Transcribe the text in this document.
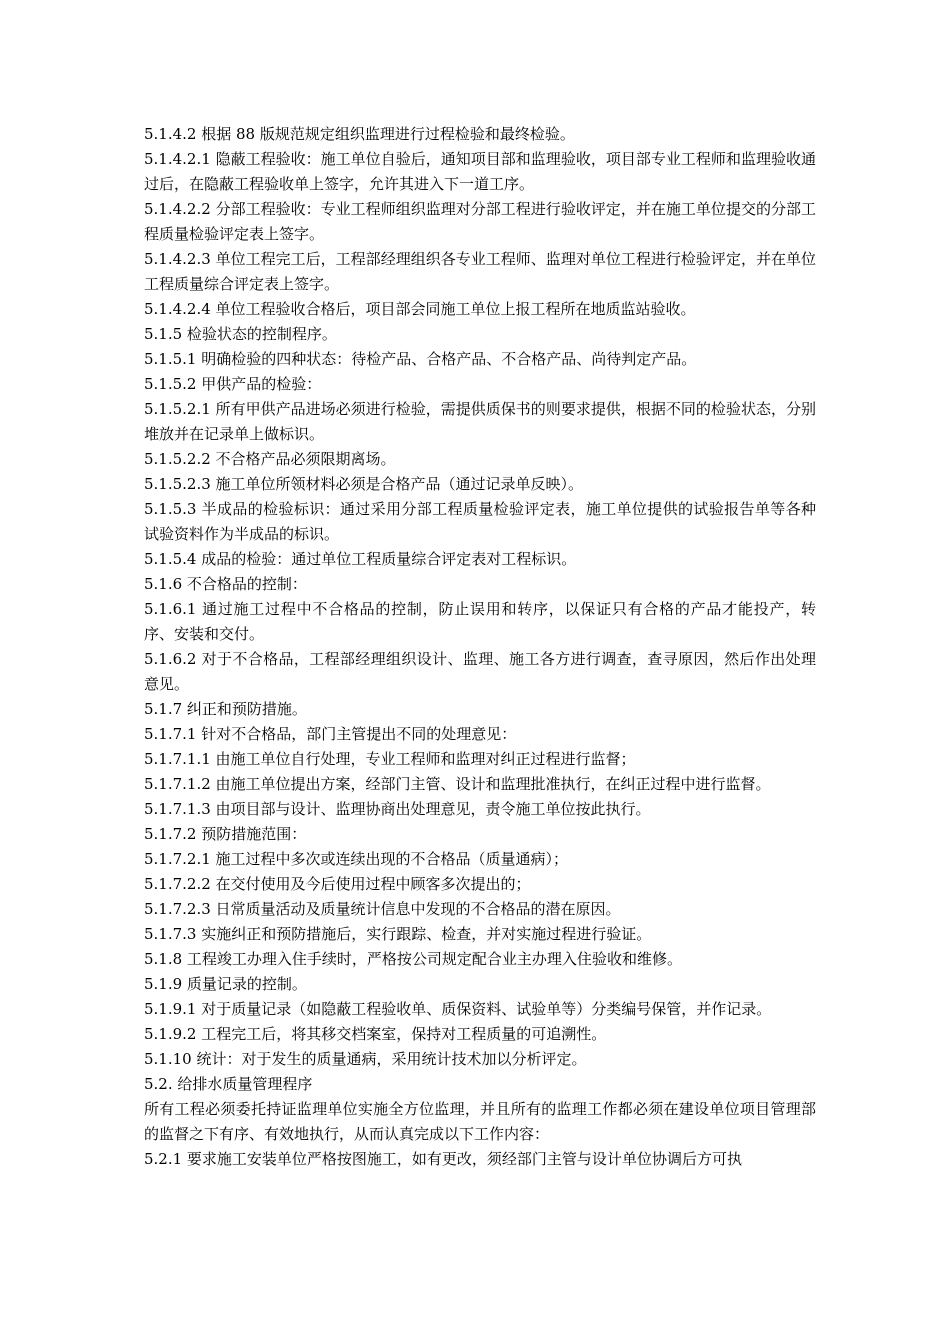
5.1.4.2 根据 88 版规范规定组织监理进行过程检验和最终检验。

5.1.4.2.1 隐蔽工程验收：施工单位自验后，通知项目部和监理验收，项目部专业工程师和监理验收通过后，在隐蔽工程验收单上签字，允许其进入下一道工序。

5.1.4.2.2 分部工程验收：专业工程师组织监理对分部工程进行验收评定，并在施工单位提交的分部工程质量检验评定表上签字。

5.1.4.2.3 单位工程完工后，工程部经理组织各专业工程师、监理对单位工程进行检验评定，并在单位工程质量综合评定表上签字。

5.1.4.2.4 单位工程验收合格后，项目部会同施工单位上报工程所在地质监站验收。

5.1.5 检验状态的控制程序。

5.1.5.1 明确检验的四种状态：待检产品、合格产品、不合格产品、尚待判定产品。

5.1.5.2 甲供产品的检验：

5.1.5.2.1 所有甲供产品进场必须进行检验，需提供质保书的则要求提供，根据不同的检验状态，分别堆放并在记录单上做标识。

5.1.5.2.2 不合格产品必须限期离场。

5.1.5.2.3 施工单位所领材料必须是合格产品（通过记录单反映）。

5.1.5.3 半成品的检验标识：通过采用分部工程质量检验评定表，施工单位提供的试验报告单等各种试验资料作为半成品的标识。

5.1.5.4 成品的检验：通过单位工程质量综合评定表对工程标识。

5.1.6 不合格品的控制：

5.1.6.1 通过施工过程中不合格品的控制，防止误用和转序，以保证只有合格的产品才能投产，转序、安装和交付。

5.1.6.2 对于不合格品，工程部经理组织设计、监理、施工各方进行调查，查寻原因，然后作出处理意见。

5.1.7 纠正和预防措施。

5.1.7.1 针对不合格品，部门主管提出不同的处理意见：

5.1.7.1.1 由施工单位自行处理，专业工程师和监理对纠正过程进行监督；

5.1.7.1.2 由施工单位提出方案，经部门主管、设计和监理批准执行，在纠正过程中进行监督。

5.1.7.1.3 由项目部与设计、监理协商出处理意见，责令施工单位按此执行。

5.1.7.2 预防措施范围：

5.1.7.2.1 施工过程中多次或连续出现的不合格品（质量通病）；

5.1.7.2.2 在交付使用及今后使用过程中顾客多次提出的；

5.1.7.2.3 日常质量活动及质量统计信息中发现的不合格品的潜在原因。

5.1.7.3 实施纠正和预防措施后，实行跟踪、检查，并对实施过程进行验证。

5.1.8 工程竣工办理入住手续时，严格按公司规定配合业主办理入住验收和维修。

5.1.9 质量记录的控制。

5.1.9.1 对于质量记录（如隐蔽工程验收单、质保资料、试验单等）分类编号保管，并作记录。

5.1.9.2 工程完工后，将其移交档案室，保持对工程质量的可追溯性。

5.1.10 统计：对于发生的质量通病，采用统计技术加以分析评定。

5.2. 给排水质量管理程序

所有工程必须委托持证监理单位实施全方位监理，并且所有的监理工作都必须在建设单位项目管理部的监督之下有序、有效地执行，从而认真完成以下工作内容：

5.2.1 要求施工安装单位严格按图施工，如有更改，须经部门主管与设计单位协调后方可执
